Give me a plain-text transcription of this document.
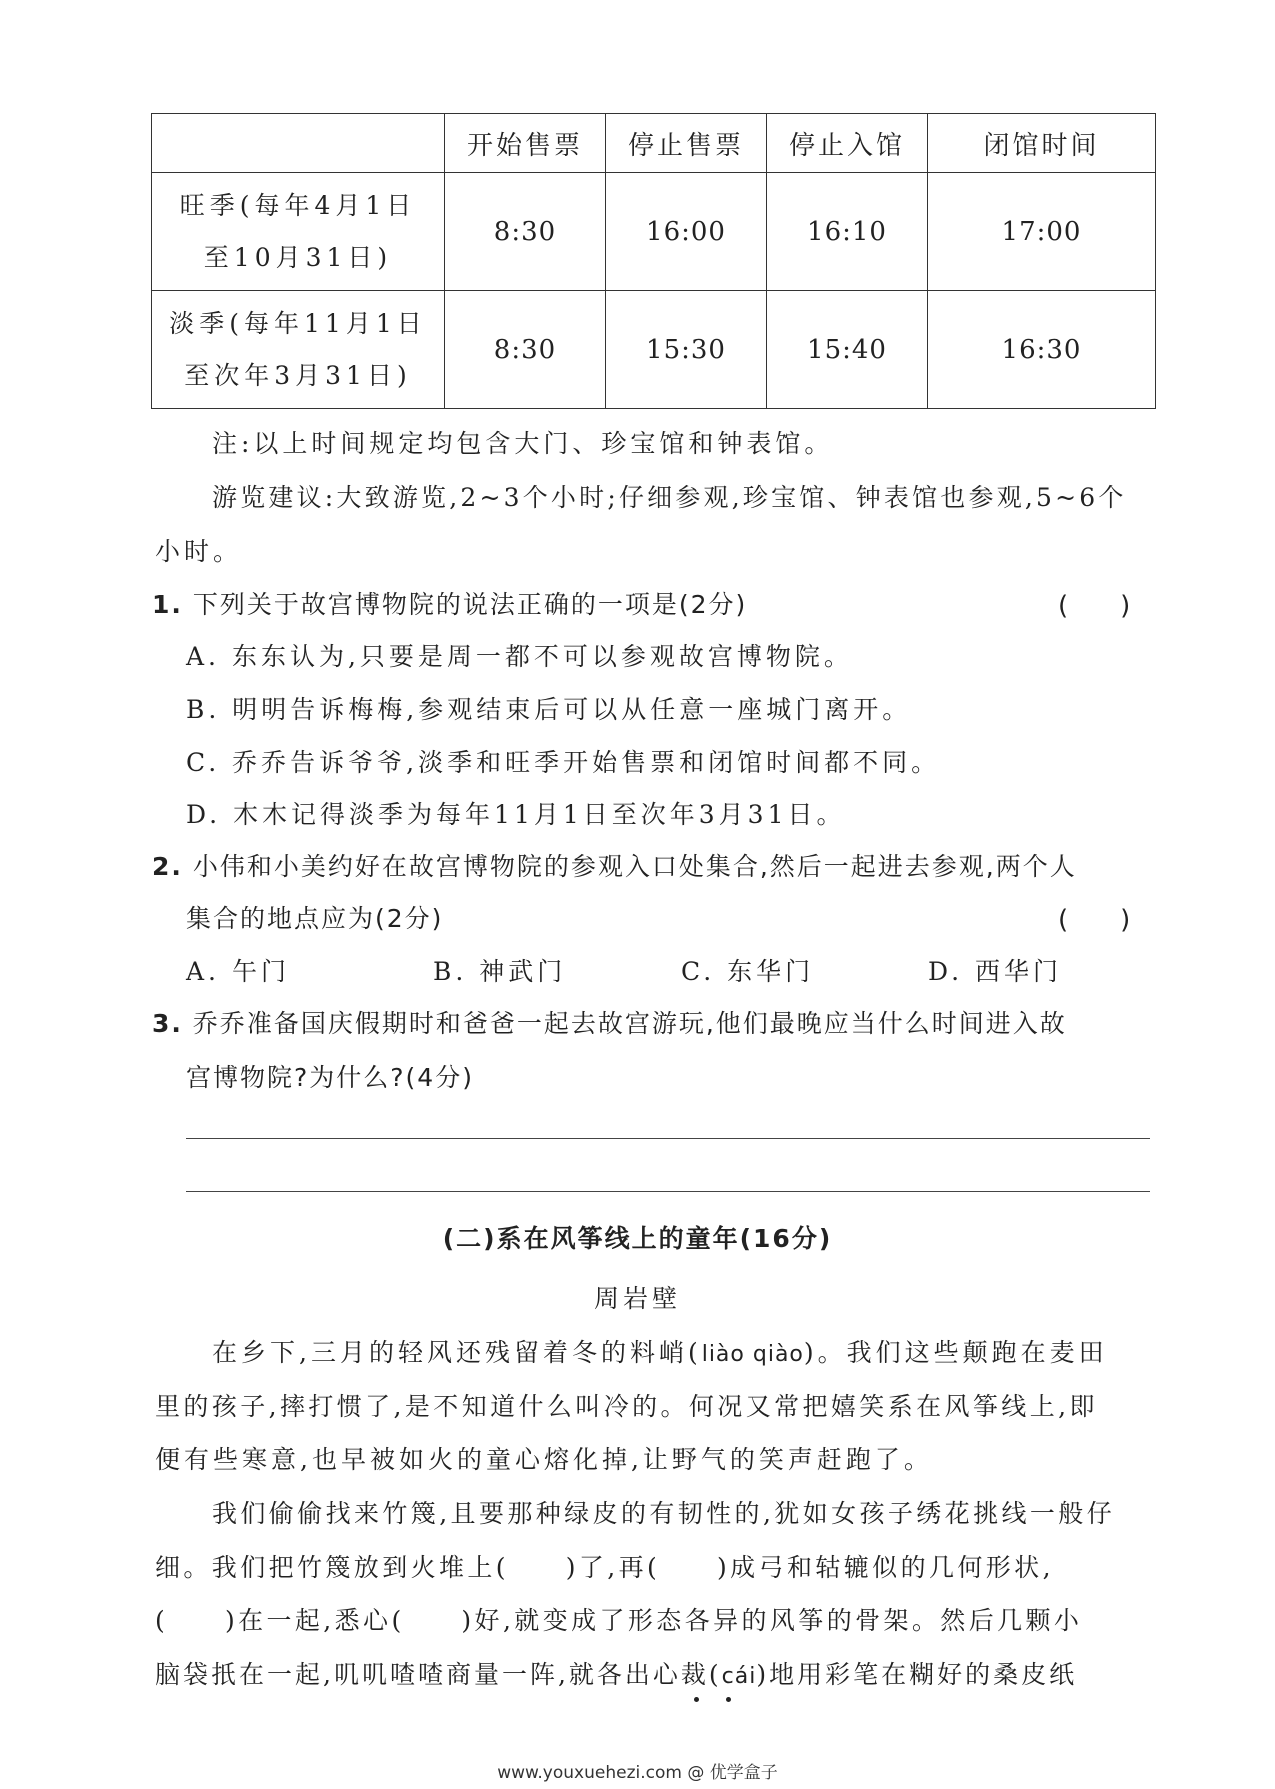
	开始售票	停止售票	停止入馆	闭馆时间

旺季(每年4月1日
至10月31日)	8:30	16:00	16:10	17:00

淡季(每年11月1日
至次年3月31日)	8:30	15:30	15:40	16:30
注:以上时间规定均包含大门、珍宝馆和钟表馆。
游览建议:大致游览,2~3个小时;仔细参观,珍宝馆、钟表馆也参观,5~6个
小时。
1. 下列关于故宫博物院的说法正确的一项是(2分)	(　　)
A. 东东认为,只要是周一都不可以参观故宫博物院。
B. 明明告诉梅梅,参观结束后可以从任意一座城门离开。
C. 乔乔告诉爷爷,淡季和旺季开始售票和闭馆时间都不同。
D. 木木记得淡季为每年11月1日至次年3月31日。
2. 小伟和小美约好在故宫博物院的参观入口处集合,然后一起进去参观,两个人
集合的地点应为(2分)	(　　)
A. 午门	B. 神武门	C. 东华门	D. 西华门
3. 乔乔准备国庆假期时和爸爸一起去故宫游玩,他们最晚应当什么时间进入故
宫博物院?为什么?(4分)
(二)系在风筝线上的童年(16分)
周岩壁
在乡下,三月的轻风还残留着冬的料峭(liào qiào)。我们这些颠跑在麦田
里的孩子,摔打惯了,是不知道什么叫冷的。何况又常把嬉笑系在风筝线上,即
便有些寒意,也早被如火的童心熔化掉,让野气的笑声赶跑了。
我们偷偷找来竹篾,且要那种绿皮的有韧性的,犹如女孩子绣花挑线一般仔
细。我们把竹篾放到火堆上(　　)了,再(　　)成弓和轱辘似的几何形状,
(　　)在一起,悉心(　　)好,就变成了形态各异的风筝的骨架。然后几颗小
脑袋扺在一起,叽叽喳喳商量一阵,就各出心裁(cái)地用彩笔在糊好的桑皮纸
www.youxuehezi.com @ 优学盒子
